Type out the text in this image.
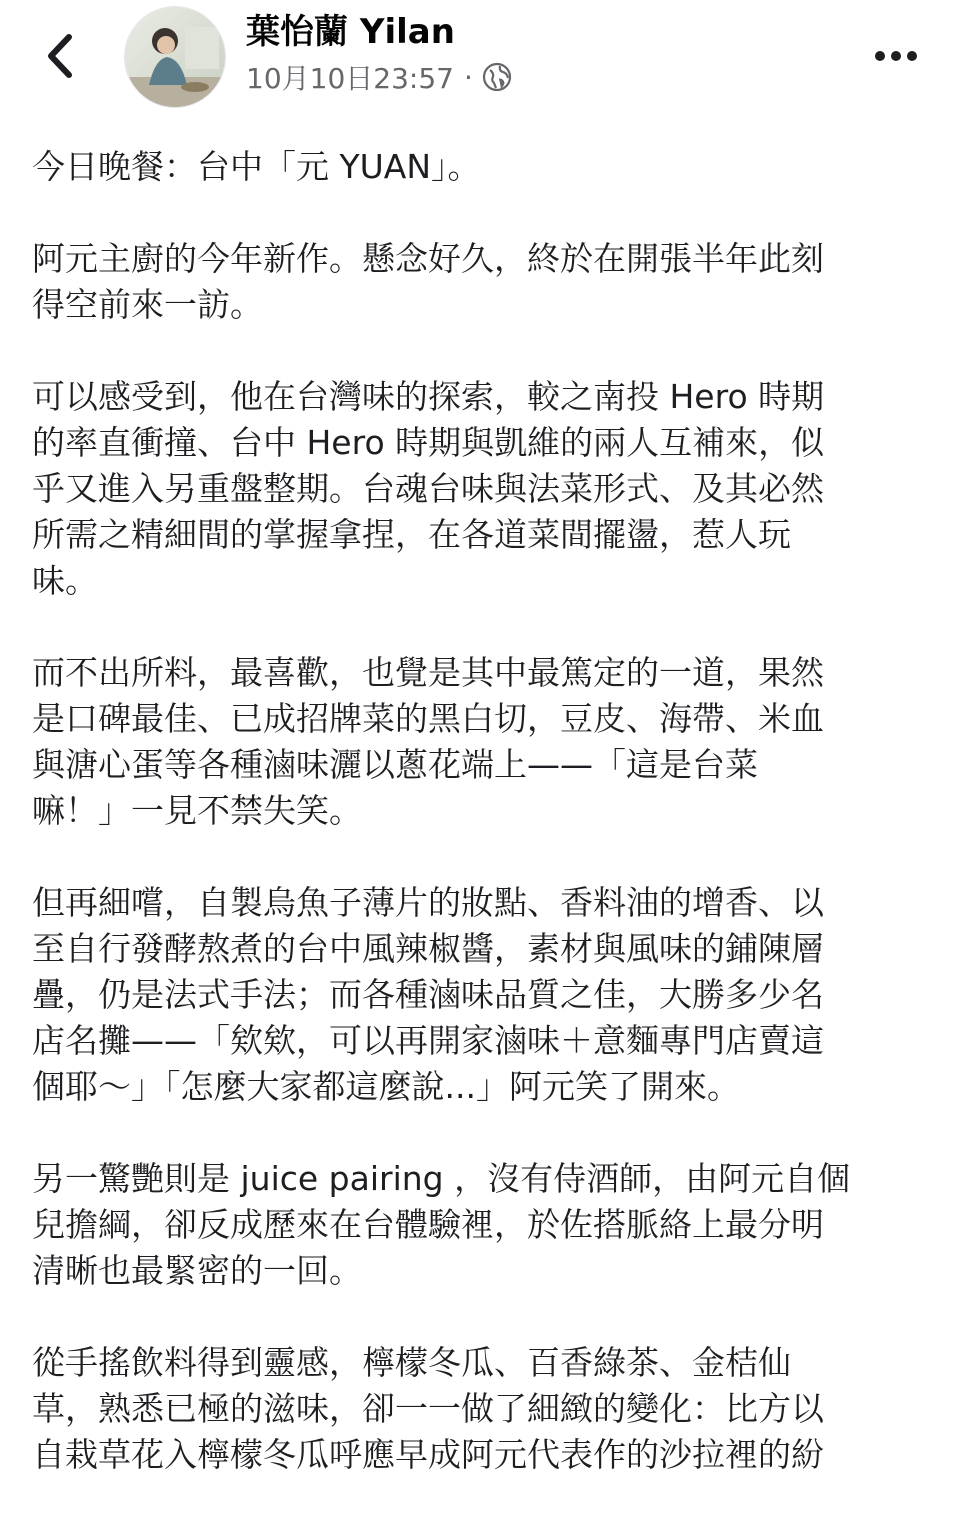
葉怡蘭 Yilan
10月10日23:57 ·

今日晚餐：台中「元 YUAN」。

阿元主廚的今年新作。懸念好久，終於在開張半年此刻
得空前來一訪。

可以感受到，他在台灣味的探索，較之南投 Hero 時期
的率直衝撞、台中 Hero 時期與凱維的兩人互補來，似
乎又進入另重盤整期。台魂台味與法菜形式、及其必然
所需之精細間的掌握拿捏，在各道菜間擺盪，惹人玩
味。

而不出所料，最喜歡，也覺是其中最篤定的一道，果然
是口碑最佳、已成招牌菜的黑白切，豆皮、海帶、米血
與溏心蛋等各種滷味灑以蔥花端上——「這是台菜
嘛！」一見不禁失笑。

但再細嚐，自製烏魚子薄片的妝點、香料油的增香、以
至自行發酵熬煮的台中風辣椒醬，素材與風味的鋪陳層
疊，仍是法式手法；而各種滷味品質之佳，大勝多少名
店名攤——「欸欸，可以再開家滷味＋意麵專門店賣這
個耶～」「怎麼大家都這麼說...」阿元笑了開來。

另一驚艷則是 juice pairing ，沒有侍酒師，由阿元自個
兒擔綱，卻反成歷來在台體驗裡，於佐搭脈絡上最分明
清晰也最緊密的一回。

從手搖飲料得到靈感，檸檬冬瓜、百香綠茶、金桔仙
草，熟悉已極的滋味，卻一一做了細緻的變化：比方以
自栽草花入檸檬冬瓜呼應早成阿元代表作的沙拉裡的紛
